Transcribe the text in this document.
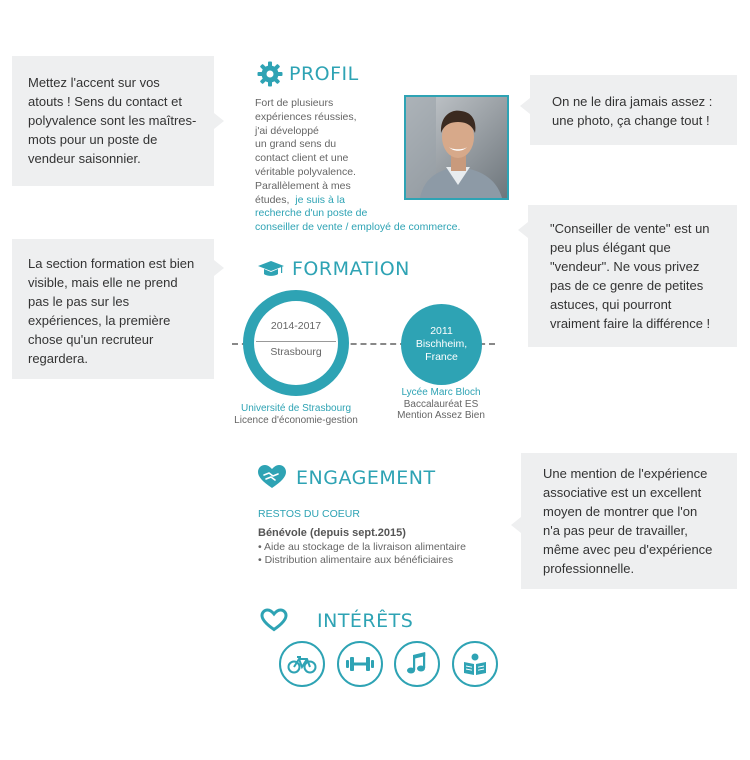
Mettez l'accent sur vos atouts ! Sens du contact et polyvalence sont les maîtres-mots pour un poste de vendeur saisonnier.
On ne le dira jamais assez : une photo, ça change tout !
"Conseiller de vente" est un peu plus élégant que "vendeur". Ne vous privez pas de ce genre de petites astuces, qui pourront vraiment faire la différence !
La section formation est bien visible, mais elle ne prend pas le pas sur les expériences, la première chose qu'un recruteur regardera.
Une mention de l'expérience associative est un excellent moyen de montrer que l'on n'a pas peur de travailler, même avec peu d'expérience professionnelle.
PROFIL
Fort de plusieurs
expériences réussies,
j'ai développé
un grand sens du
contact client et une
véritable polyvalence.
Parallèlement à mes
études, je suis à la
recherche d'un poste de
conseiller de vente / employé de commerce.
FORMATION
2014-2017
Strasbourg
2011
Bischheim,
France
Université de Strasbourg
Licence d'économie-gestion
Lycée Marc Bloch
Baccalauréat ES
Mention Assez Bien
ENGAGEMENT
RESTOS DU COEUR
Bénévole (depuis sept.2015)
• Aide au stockage de la livraison alimentaire
• Distribution alimentaire aux bénéficiaires
INTÉRÊTS
